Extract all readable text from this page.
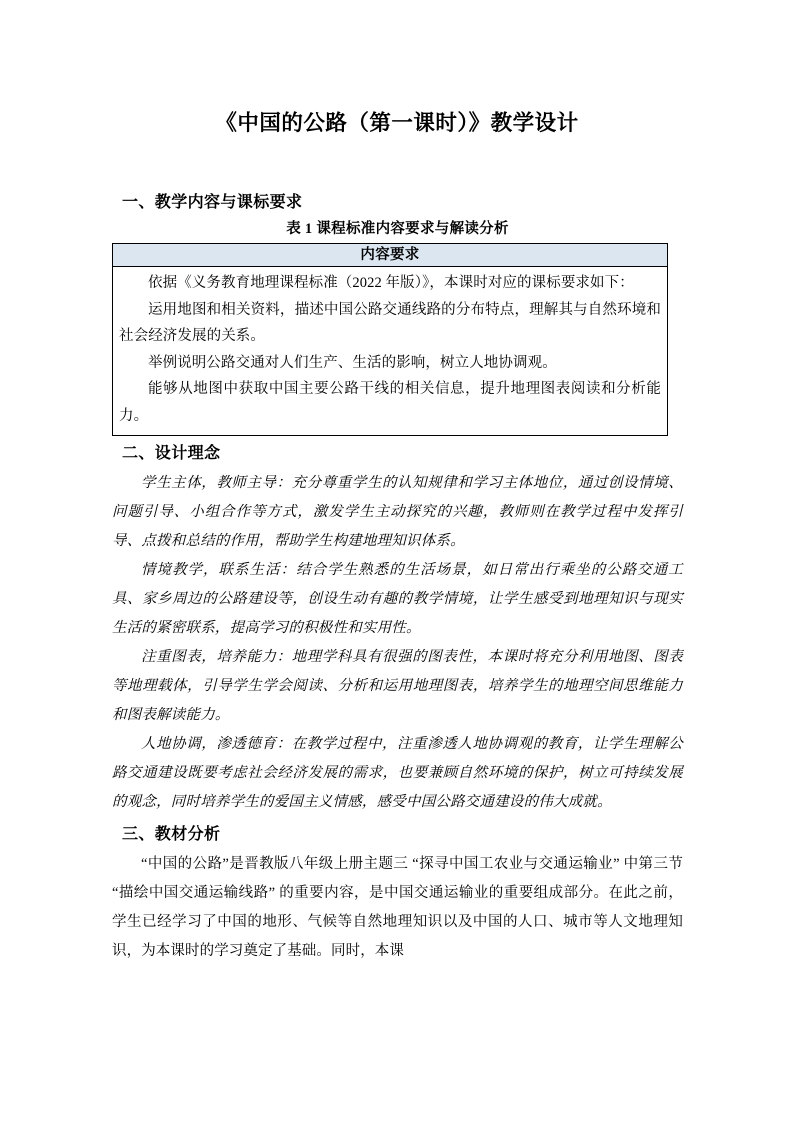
《中国的公路（第一课时）》教学设计
一、教学内容与课标要求
表 1 课程标准内容要求与解读分析
内容要求

依据《义务教育地理课程标准（2022 年版）》，本课时对应的课标要求如下：

运用地图和相关资料，描述中国公路交通线路的分布特点，理解其与自然环境和社会经济发展的关系。

举例说明公路交通对人们生产、生活的影响，树立人地协调观。

能够从地图中获取中国主要公路干线的相关信息，提升地理图表阅读和分析能力。

二、设计理念

学生主体，教师主导：充分尊重学生的认知规律和学习主体地位，通过创设情境、问题引导、小组合作等方式，激发学生主动探究的兴趣，教师则在教学过程中发挥引导、点拨和总结的作用，帮助学生构建地理知识体系。

情境教学，联系生活：结合学生熟悉的生活场景，如日常出行乘坐的公路交通工具、家乡周边的公路建设等，创设生动有趣的教学情境，让学生感受到地理知识与现实生活的紧密联系，提高学习的积极性和实用性。

注重图表，培养能力：地理学科具有很强的图表性，本课时将充分利用地图、图表等地理载体，引导学生学会阅读、分析和运用地理图表，培养学生的地理空间思维能力和图表解读能力。

人地协调，渗透德育：在教学过程中，注重渗透人地协调观的教育，让学生理解公路交通建设既要考虑社会经济发展的需求，也要兼顾自然环境的保护，树立可持续发展的观念，同时培养学生的爱国主义情感，感受中国公路交通建设的伟大成就。

三、教材分析

“中国的公路”是晋教版八年级上册主题三 “探寻中国工农业与交通运输业” 中第三节 “描绘中国交通运输线路” 的重要内容，是中国交通运输业的重要组成部分。在此之前，学生已经学习了中国的地形、气候等自然地理知识以及中国的人口、城市等人文地理知识，为本课时的学习奠定了基础。同时，本课
